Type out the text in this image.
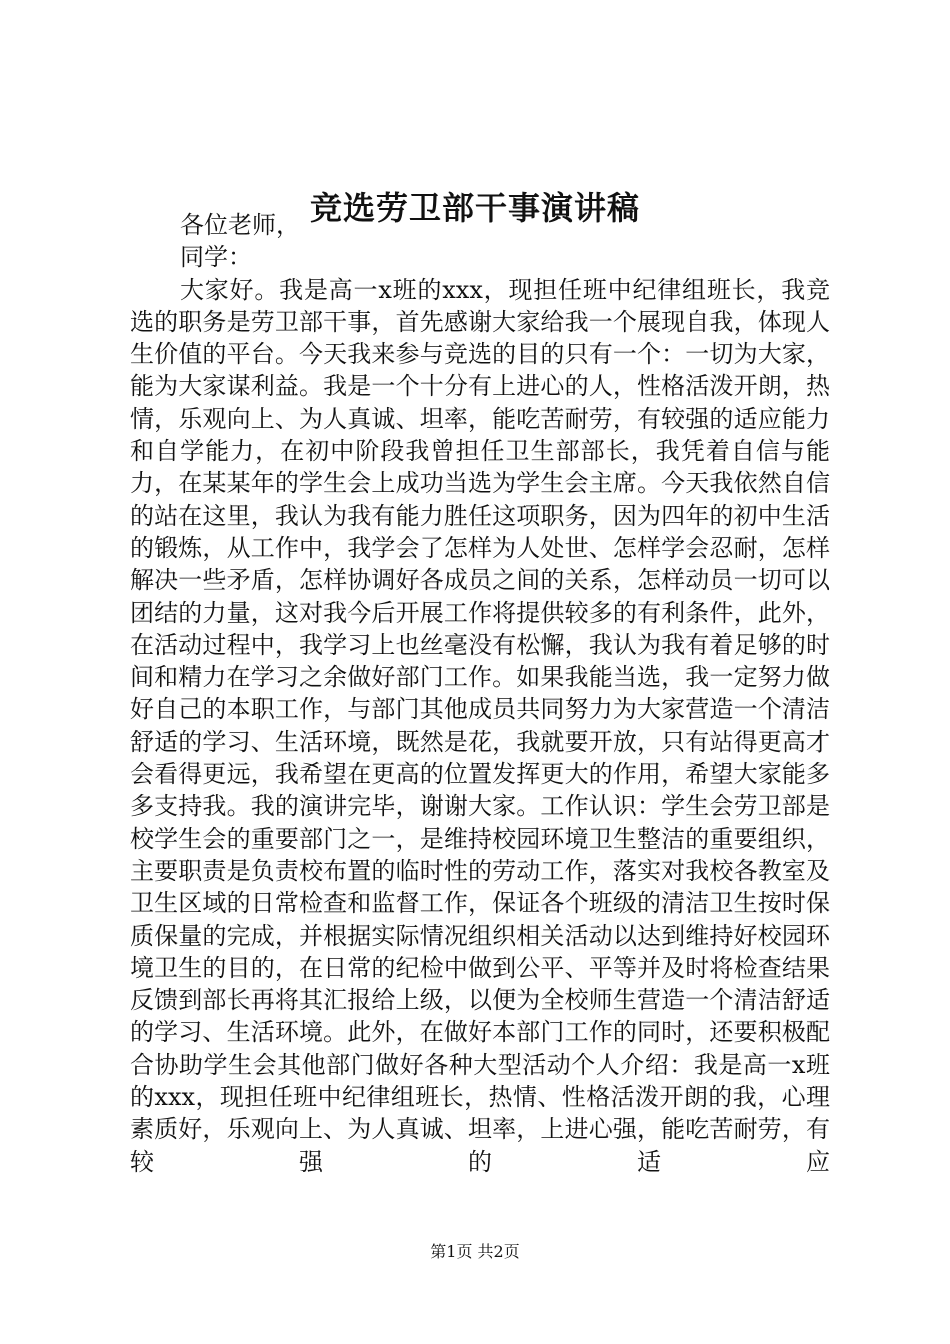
竞选劳卫部干事演讲稿

各位老师，

同学：

大家好。我是高一x班的xxx，现担任班中纪律组班长，我竞选的职务是劳卫部干事，首先感谢大家给我一个展现自我，体现人生价值的平台。今天我来参与竞选的目的只有一个：一切为大家，能为大家谋利益。我是一个十分有上进心的人，性格活泼开朗，热情，乐观向上、为人真诚、坦率，能吃苦耐劳，有较强的适应能力和自学能力，在初中阶段我曾担任卫生部部长，我凭着自信与能力，在某某年的学生会上成功当选为学生会主席。今天我依然自信的站在这里，我认为我有能力胜任这项职务，因为四年的初中生活的锻炼，从工作中，我学会了怎样为人处世、怎样学会忍耐，怎样解决一些矛盾，怎样协调好各成员之间的关系，怎样动员一切可以团结的力量，这对我今后开展工作将提供较多的有利条件，此外，在活动过程中，我学习上也丝毫没有松懈，我认为我有着足够的时间和精力在学习之余做好部门工作。如果我能当选，我一定努力做好自己的本职工作，与部门其他成员共同努力为大家营造一个清洁舒适的学习、生活环境，既然是花，我就要开放，只有站得更高才会看得更远，我希望在更高的位置发挥更大的作用，希望大家能多多支持我。我的演讲完毕，谢谢大家。工作认识：学生会劳卫部是校学生会的重要部门之一，是维持校园环境卫生整洁的重要组织，主要职责是负责校布置的临时性的劳动工作，落实对我校各教室及卫生区域的日常检查和监督工作，保证各个班级的清洁卫生按时保质保量的完成，并根据实际情况组织相关活动以达到维持好校园环境卫生的目的，在日常的纪检中做到公平、平等并及时将检查结果反馈到部长再将其汇报给上级，以便为全校师生营造一个清洁舒适的学习、生活环境。此外，在做好本部门工作的同时，还要积极配合协助学生会其他部门做好各种大型活动个人介绍：我是高一x班的xxx，现担任班中纪律组班长，热情、性格活泼开朗的我，心理素质好，乐观向上、为人真诚、坦率，上进心强，能吃苦耐劳，有较强的适应

第1页 共2页
